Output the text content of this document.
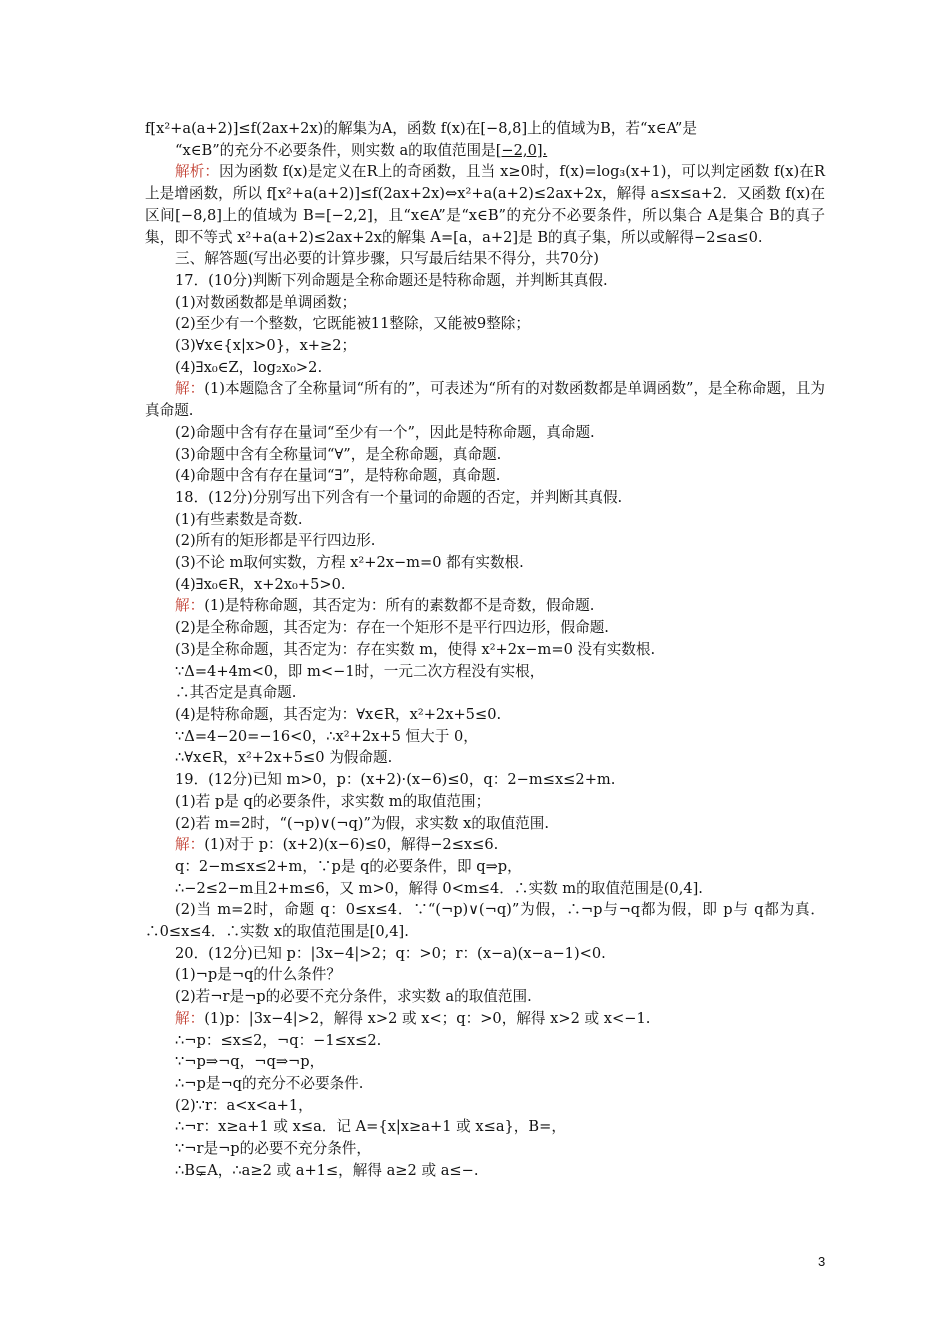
f[x²+a(a+2)]≤f(2ax+2x)的解集为A，函数 f(x)在[−8,8]上的值域为B，若“x∈A”是
“x∈B”的充分不必要条件，则实数 a的取值范围是[−2,0].
解析：因为函数 f(x)是定义在R上的奇函数，且当 x≥0时，f(x)=log₃(x+1)，可以判定函数 f(x)在R上是增函数，所以 f[x²+a(a+2)]≤f(2ax+2x)⇔x²+a(a+2)≤2ax+2x，解得 a≤x≤a+2．又函数 f(x)在区间[−8,8]上的值域为 B=[−2,2]，且“x∈A”是“x∈B”的充分不必要条件，所以集合 A是集合 B的真子集，即不等式 x²+a(a+2)≤2ax+2x的解集 A=[a，a+2]是 B的真子集，所以或解得−2≤a≤0.
三、解答题(写出必要的计算步骤，只写最后结果不得分，共70分)
17．(10分)判断下列命题是全称命题还是特称命题，并判断其真假.
(1)对数函数都是单调函数；
(2)至少有一个整数，它既能被11整除，又能被9整除；
(3)∀x∈{x|x>0}，x+≥2；
(4)∃x₀∈Z，log₂x₀>2.
解：(1)本题隐含了全称量词“所有的”，可表述为“所有的对数函数都是单调函数”，是全称命题，且为真命题.
(2)命题中含有存在量词“至少有一个”，因此是特称命题，真命题.
(3)命题中含有全称量词“∀”，是全称命题，真命题.
(4)命题中含有存在量词“∃”，是特称命题，真命题.
18．(12分)分别写出下列含有一个量词的命题的否定，并判断其真假.
(1)有些素数是奇数.
(2)所有的矩形都是平行四边形.
(3)不论 m取何实数，方程 x²+2x−m=0 都有实数根.
(4)∃x₀∈R，x+2x₀+5>0.
解：(1)是特称命题，其否定为：所有的素数都不是奇数，假命题.
(2)是全称命题，其否定为：存在一个矩形不是平行四边形，假命题.
(3)是全称命题，其否定为：存在实数 m，使得 x²+2x−m=0 没有实数根.
∵Δ=4+4m<0，即 m<−1时，一元二次方程没有实根，
∴其否定是真命题.
(4)是特称命题，其否定为：∀x∈R，x²+2x+5≤0.
∵Δ=4−20=−16<0，∴x²+2x+5 恒大于 0，
∴∀x∈R，x²+2x+5≤0 为假命题.
19．(12分)已知 m>0，p：(x+2)·(x−6)≤0，q：2−m≤x≤2+m.
(1)若 p是 q的必要条件，求实数 m的取值范围；
(2)若 m=2时，“(¬p)∨(¬q)”为假，求实数 x的取值范围.
解：(1)对于 p：(x+2)(x−6)≤0，解得−2≤x≤6.
q：2−m≤x≤2+m，∵p是 q的必要条件，即 q⇒p，
∴−2≤2−m且2+m≤6，又 m>0，解得 0<m≤4．∴实数 m的取值范围是(0,4].
(2)当 m=2时，命题 q：0≤x≤4．∵“(¬p)∨(¬q)”为假，∴¬p与¬q都为假，即 p与 q都为真．∴0≤x≤4．∴实数 x的取值范围是[0,4].
20．(12分)已知 p：|3x−4|>2；q：>0；r：(x−a)(x−a−1)<0.
(1)¬p是¬q的什么条件？
(2)若¬r是¬p的必要不充分条件，求实数 a的取值范围.
解：(1)p：|3x−4|>2，解得 x>2 或 x<；q：>0，解得 x>2 或 x<−1.
∴¬p：≤x≤2，¬q：−1≤x≤2.
∵¬p⇒¬q，¬q⇒¬p，
∴¬p是¬q的充分不必要条件.
(2)∵r：a<x<a+1，
∴¬r：x≥a+1 或 x≤a．记 A={x|x≥a+1 或 x≤a}，B=，
∵¬r是¬p的必要不充分条件，
∴B⊊A，∴a≥2 或 a+1≤，解得 a≥2 或 a≤−.
3
